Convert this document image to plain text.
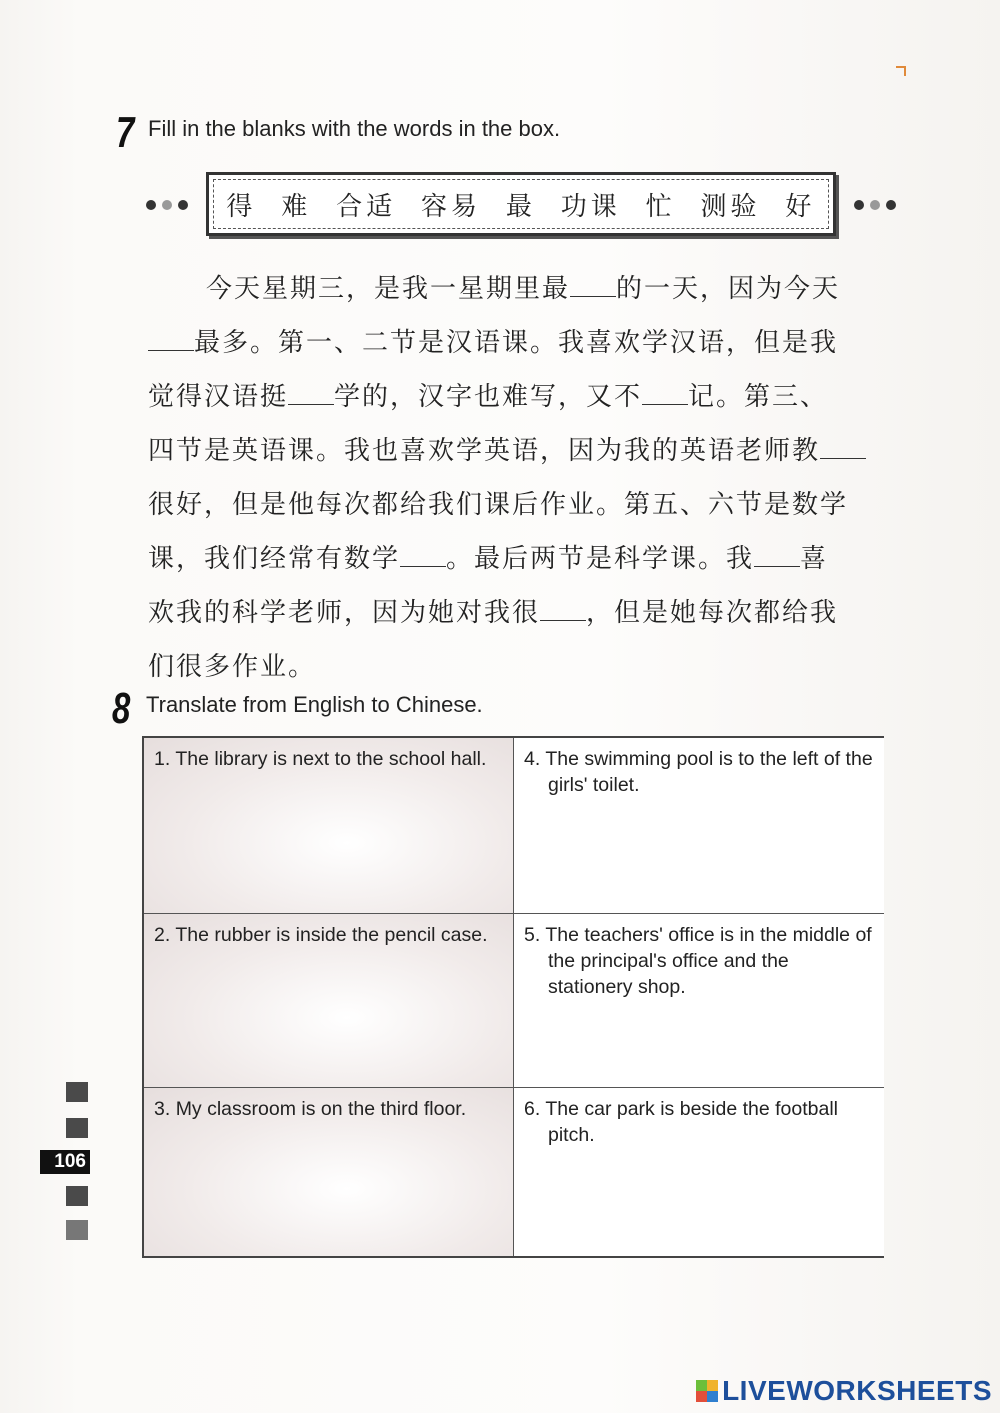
7 Fill in the blanks with the words in the box.
得 难 合适 容易 最 功课 忙 测验 好
今天星期三，是我一星期里最 的一天，因为今天
最多。第一、二节是汉语课。我喜欢学汉语，但是我
觉得汉语挺 学的，汉字也难写，又不 记。第三、
四节是英语课。我也喜欢学英语，因为我的英语老师教
很好，但是他每次都给我们课后作业。第五、六节是数学
课，我们经常有数学 。最后两节是科学课。我 喜
欢我的科学老师，因为她对我很 ，但是她每次都给我
们很多作业。
8 Translate from English to Chinese.
1. The library is next to the school hall.	4. The swimming pool is to the left of the girls' toilet.
2. The rubber is inside the pencil case.	5. The teachers' office is in the middle of the principal's office and the stationery shop.
3. My classroom is on the third floor.	6. The car park is beside the football pitch.
106
LIVEWORKSHEETS
